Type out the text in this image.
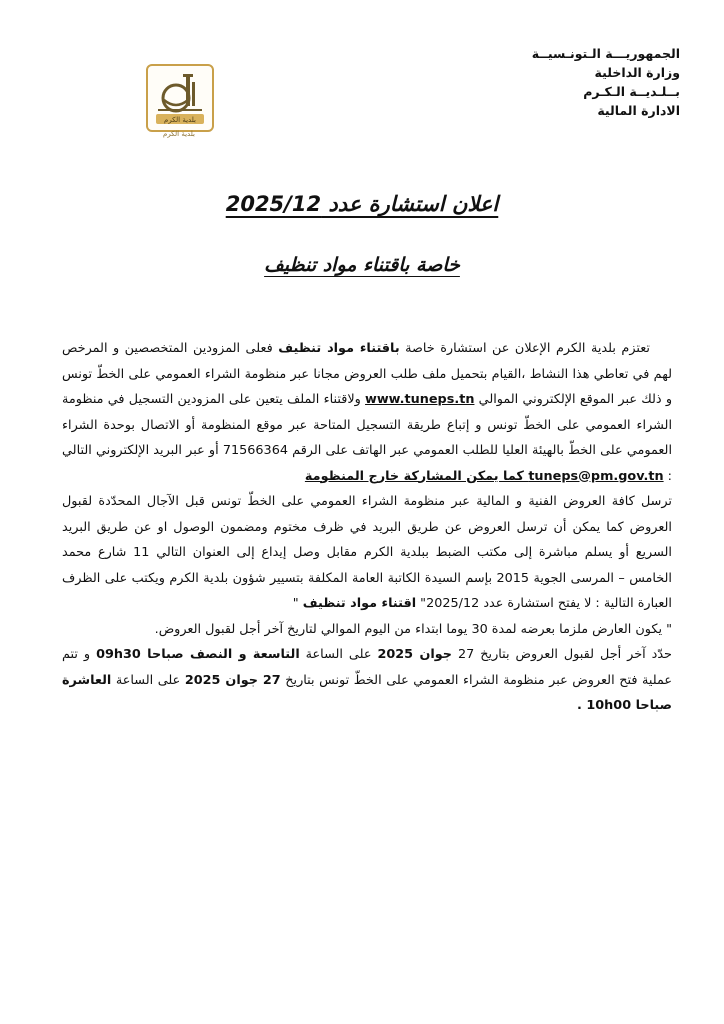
الجمهوريـــة الـتونـسيــة
وزارة الداخلية
بــلـديــة الـكـرم
الادارة المالية
بلدية الكرم
بلدية الكرم
اعلان استشارة عدد 2025/12
خاصة باقتناء مواد تنظيف

تعتزم بلدية الكرم الإعلان عن استشارة خاصة باقتناء مواد تنظيف فعلى المزودين المتخصصين و المرخص لهم في تعاطي هذا النشاط ،القيام بتحميل ملف طلب العروض مجانا عبر منظومة الشراء العمومي على الخطّ تونس و ذلك عبر الموقع الإلكتروني الموالي www.tuneps.tn ولاقتناء الملف يتعين على المزودين التسجيل في منظومة الشراء العمومي على الخطّ تونس و إتباع طريقة التسجيل المتاحة عبر موقع المنظومة أو الاتصال بوحدة الشراء العمومي على الخطّ بالهيئة العليا للطلب العمومي عبر الهاتف على الرقم 71566364 أو عبر البريد الإلكتروني التالي : tuneps@pm.gov.tn كما يمكن المشاركة خارج المنظومة

ترسل كافة العروض الفنية و المالية عبر منظومة الشراء العمومي على الخطّ تونس قبل الآجال المحدّدة لقبول العروض كما يمكن أن ترسل العروض عن طريق البريد في ظرف مختوم ومضمون الوصول او عن طريق البريد السريع أو يسلم مباشرة إلى مكتب الضبط ببلدية الكرم مقابل وصل إيداع إلى العنوان التالي 11 شارع محمد الخامس – المرسى الجوية 2015 بإسم السيدة الكاتبة العامة المكلفة بتسيير شؤون بلدية الكرم ويكتب على الظرف العبارة التالية : لا يفتح استشارة عدد 2025/12" اقتناء مواد تنظيف "

" يكون العارض ملزما بعرضه لمدة 30 يوما ابتداء من اليوم الموالي لتاريخ آخر أجل لقبول العروض.

حدّد آخر أجل لقبول العروض بتاريخ 27 جوان 2025 على الساعة التاسعة و النصف صباحا 09h30 و تتم عملية فتح العروض عبر منظومة الشراء العمومي على الخطّ تونس بتاريخ 27 جوان 2025 على الساعة العاشرة صباحا 10h00 .
